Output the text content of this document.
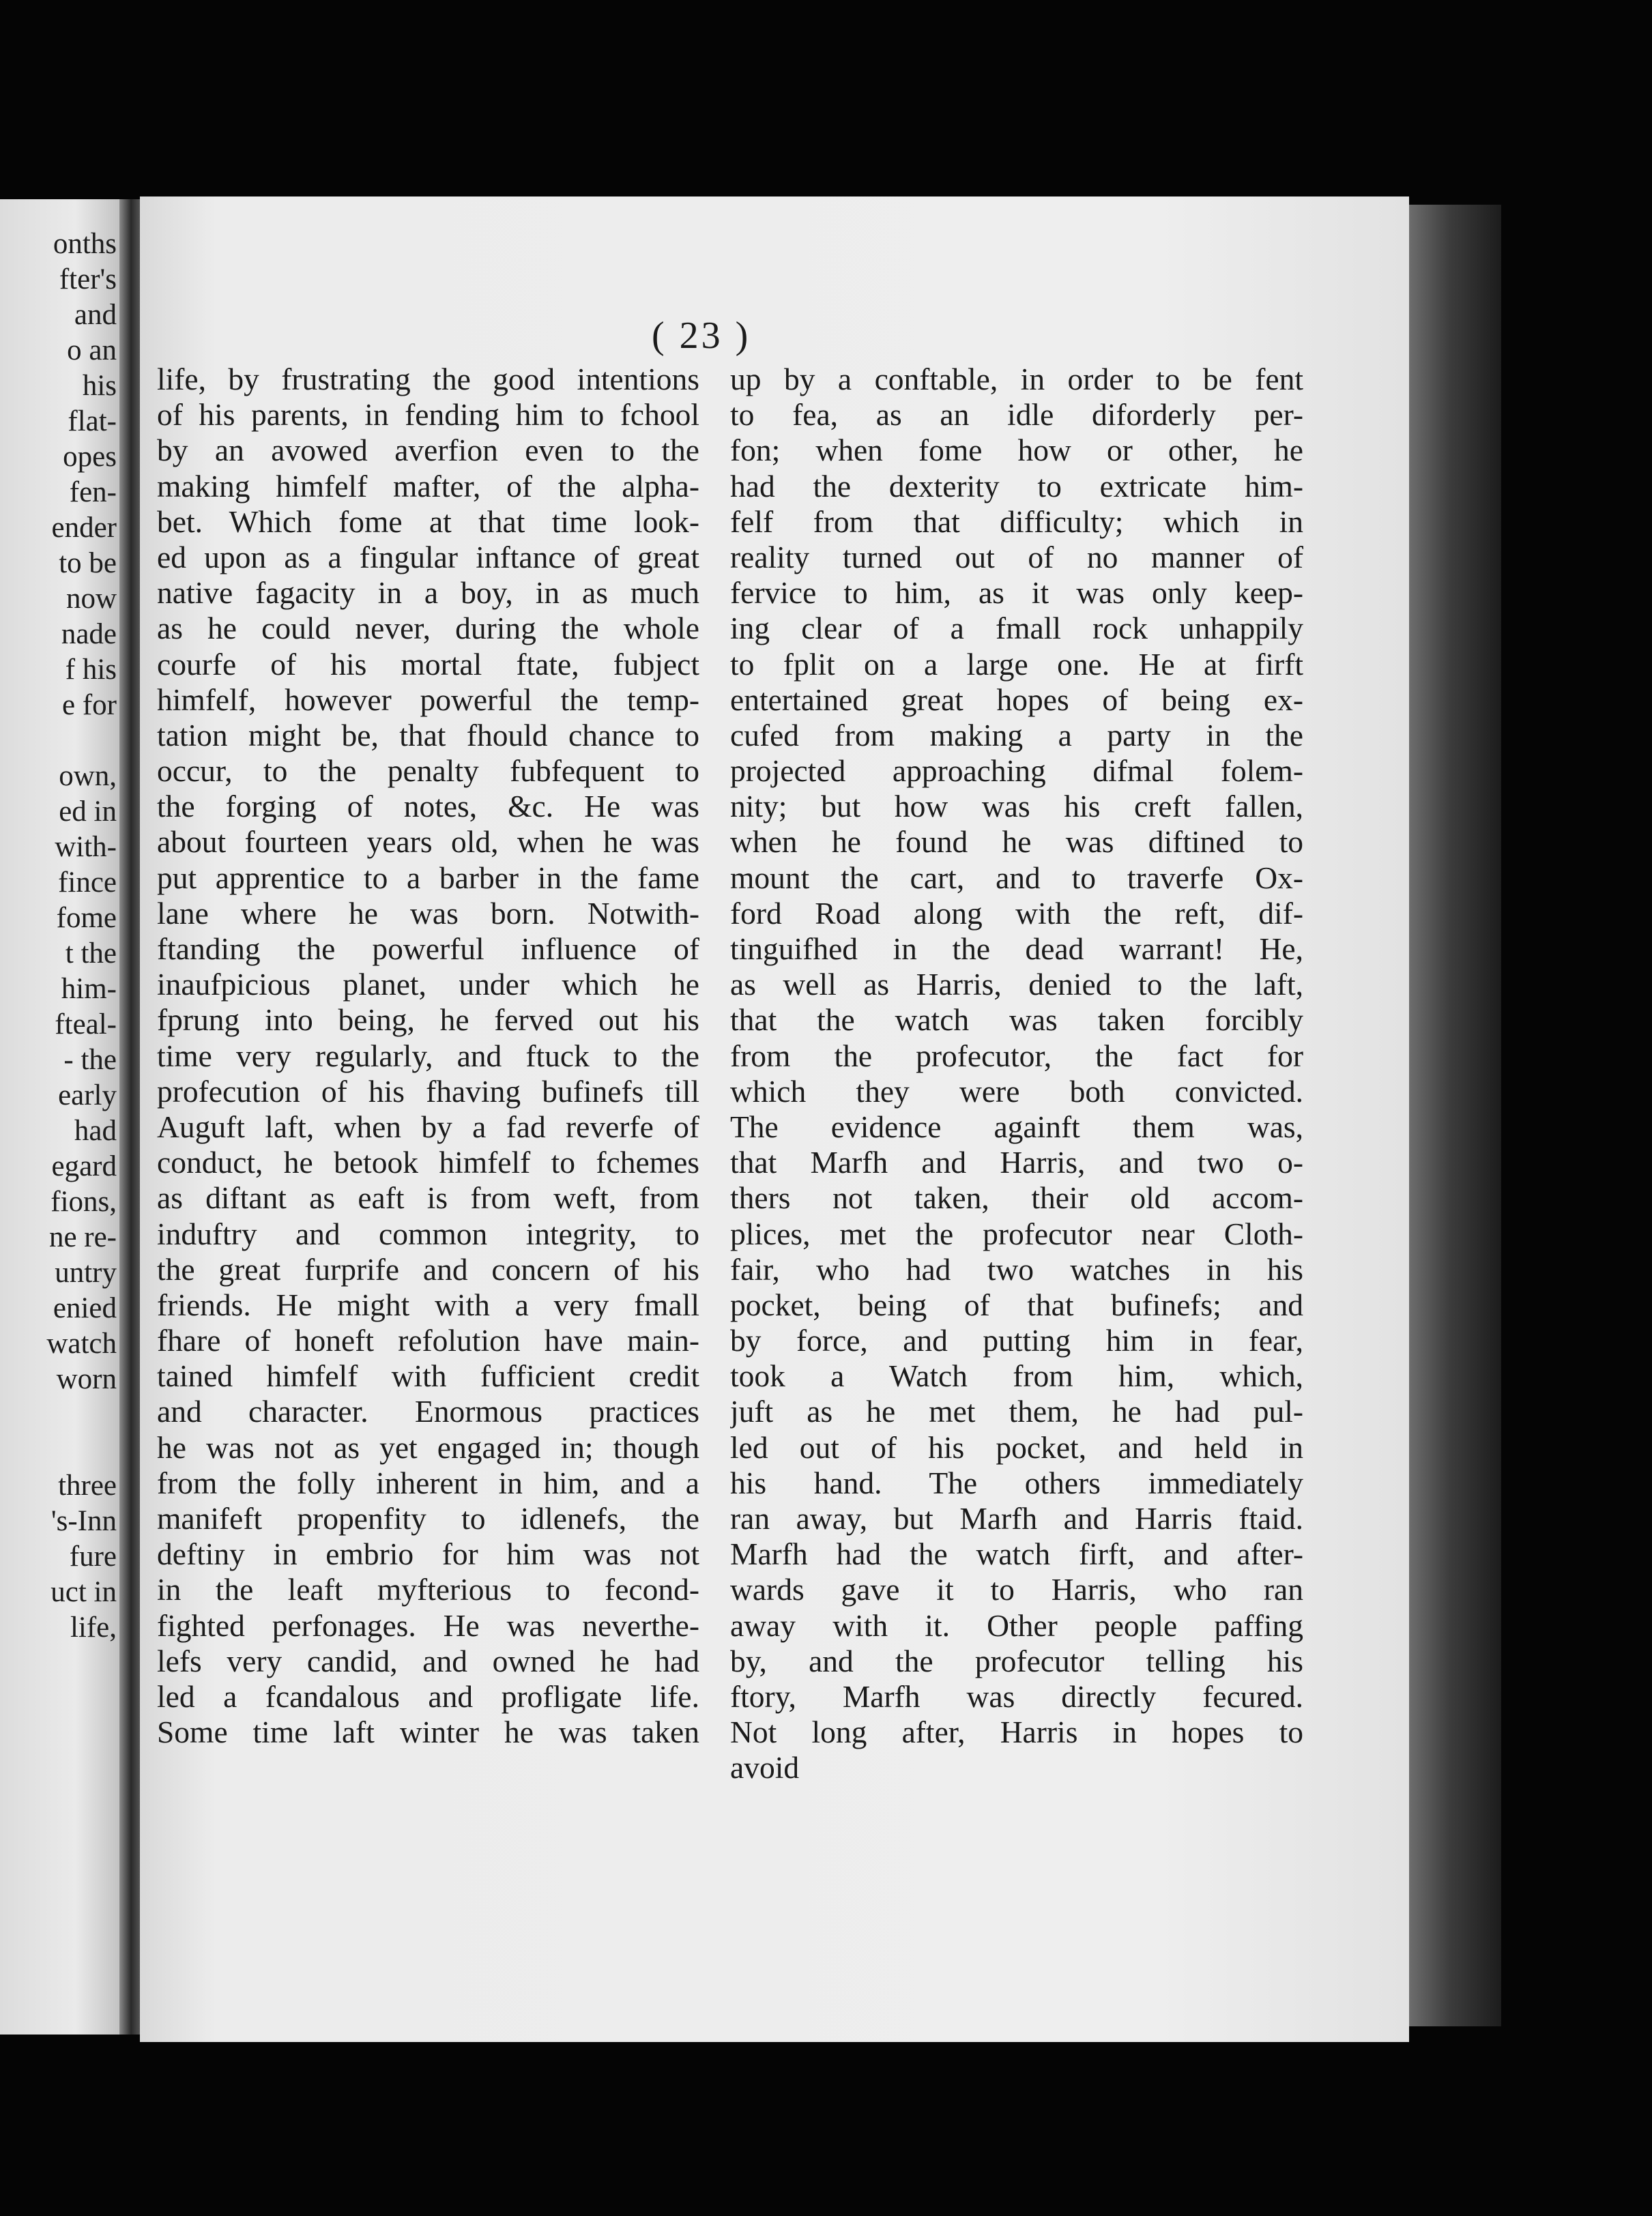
onths
fter's
and
o an
his
flat-
opes
fen-
ender
to be
now
nade
f his
e for

own,
ed in
with-
fince
fome
t the
him-
fteal-
- the
early
had
egard
fions,
ne re-
untry
enied
watch
worn

three
's-Inn
fure
uct in
life,
( 23 )
life, by frustrating the good intentions
of his parents, in fending him to fchool
by an avowed averfion even to the
making himfelf mafter, of the alpha-
bet. Which fome at that time look-
ed upon as a fingular inftance of great
native fagacity in a boy, in as much
as he could never, during the whole
courfe of his mortal ftate, fubject
himfelf, however powerful the temp-
tation might be, that fhould chance to
occur, to the penalty fubfequent to
the forging of notes, &c. He was
about fourteen years old, when he was
put apprentice to a barber in the fame
lane where he was born. Notwith-
ftanding the powerful influence of
inaufpicious planet, under which he
fprung into being, he ferved out his
time very regularly, and ftuck to the
profecution of his fhaving bufinefs till
Auguft laft, when by a fad reverfe of
conduct, he betook himfelf to fchemes
as diftant as eaft is from weft, from
induftry and common integrity, to
the great furprife and concern of his
friends. He might with a very fmall
fhare of honeft refolution have main-
tained himfelf with fufficient credit
and character. Enormous practices
he was not as yet engaged in; though
from the folly inherent in him, and a
manifeft propenfity to idlenefs, the
deftiny in embrio for him was not
in the leaft myfterious to fecond-
fighted perfonages. He was neverthe-
lefs very candid, and owned he had
led a fcandalous and profligate life.
Some time laft winter he was taken
up by a conftable, in order to be fent
to fea, as an idle diforderly per-
fon; when fome how or other, he
had the dexterity to extricate him-
felf from that difficulty; which in
reality turned out of no manner of
fervice to him, as it was only keep-
ing clear of a fmall rock unhappily
to fplit on a large one. He at firft
entertained great hopes of being ex-
cufed from making a party in the
projected approaching difmal folem-
nity; but how was his creft fallen,
when he found he was diftined to
mount the cart, and to traverfe Ox-
ford Road along with the reft, dif-
tinguifhed in the dead warrant! He,
as well as Harris, denied to the laft,
that the watch was taken forcibly
from the profecutor, the fact for
which they were both convicted.
The evidence againft them was,
that Marfh and Harris, and two o-
thers not taken, their old accom-
plices, met the profecutor near Cloth-
fair, who had two watches in his
pocket, being of that bufinefs; and
by force, and putting him in fear,
took a Watch from him, which,
juft as he met them, he had pul-
led out of his pocket, and held in
his hand. The others immediately
ran away, but Marfh and Harris ftaid.
Marfh had the watch firft, and after-
wards gave it to Harris, who ran
away with it. Other people paffing
by, and the profecutor telling his
ftory, Marfh was directly fecured.
Not long after, Harris in hopes to
avoid
